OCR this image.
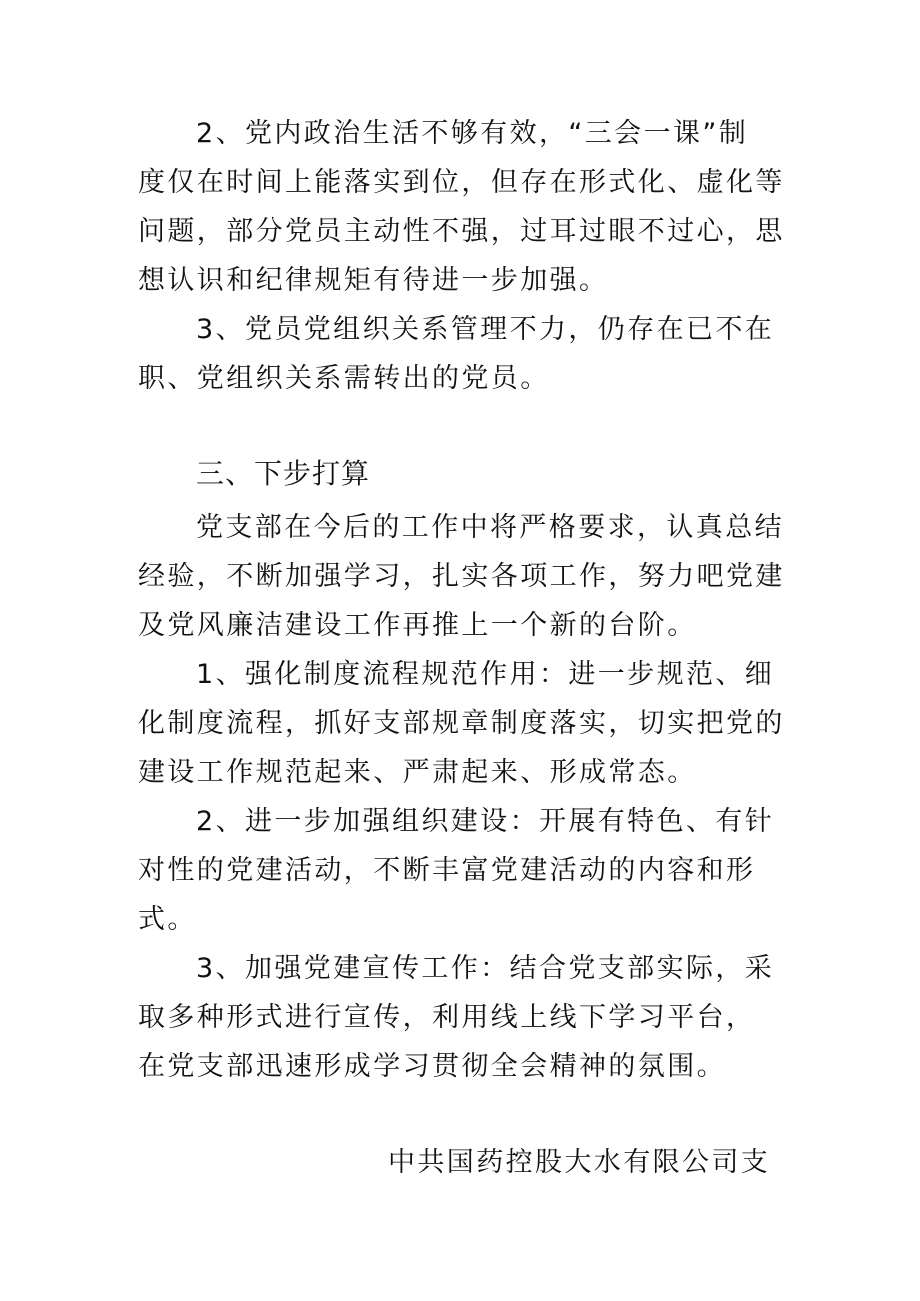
2、党内政治生活不够有效，“三会一课”制
度仅在时间上能落实到位，但存在形式化、虚化等
问题，部分党员主动性不强，过耳过眼不过心，思
想认识和纪律规矩有待进一步加强。
3、党员党组织关系管理不力，仍存在已不在
职、党组织关系需转出的党员。
三、下步打算
党支部在今后的工作中将严格要求，认真总结
经验，不断加强学习，扎实各项工作，努力吧党建
及党风廉洁建设工作再推上一个新的台阶。
1、强化制度流程规范作用：进一步规范、细
化制度流程，抓好支部规章制度落实，切实把党的
建设工作规范起来、严肃起来、形成常态。
2、进一步加强组织建设：开展有特色、有针
对性的党建活动，不断丰富党建活动的内容和形
式。
3、加强党建宣传工作：结合党支部实际，采
取多种形式进行宣传，利用线上线下学习平台，
在党支部迅速形成学习贯彻全会精神的氛围。
中共国药控股大水有限公司支
